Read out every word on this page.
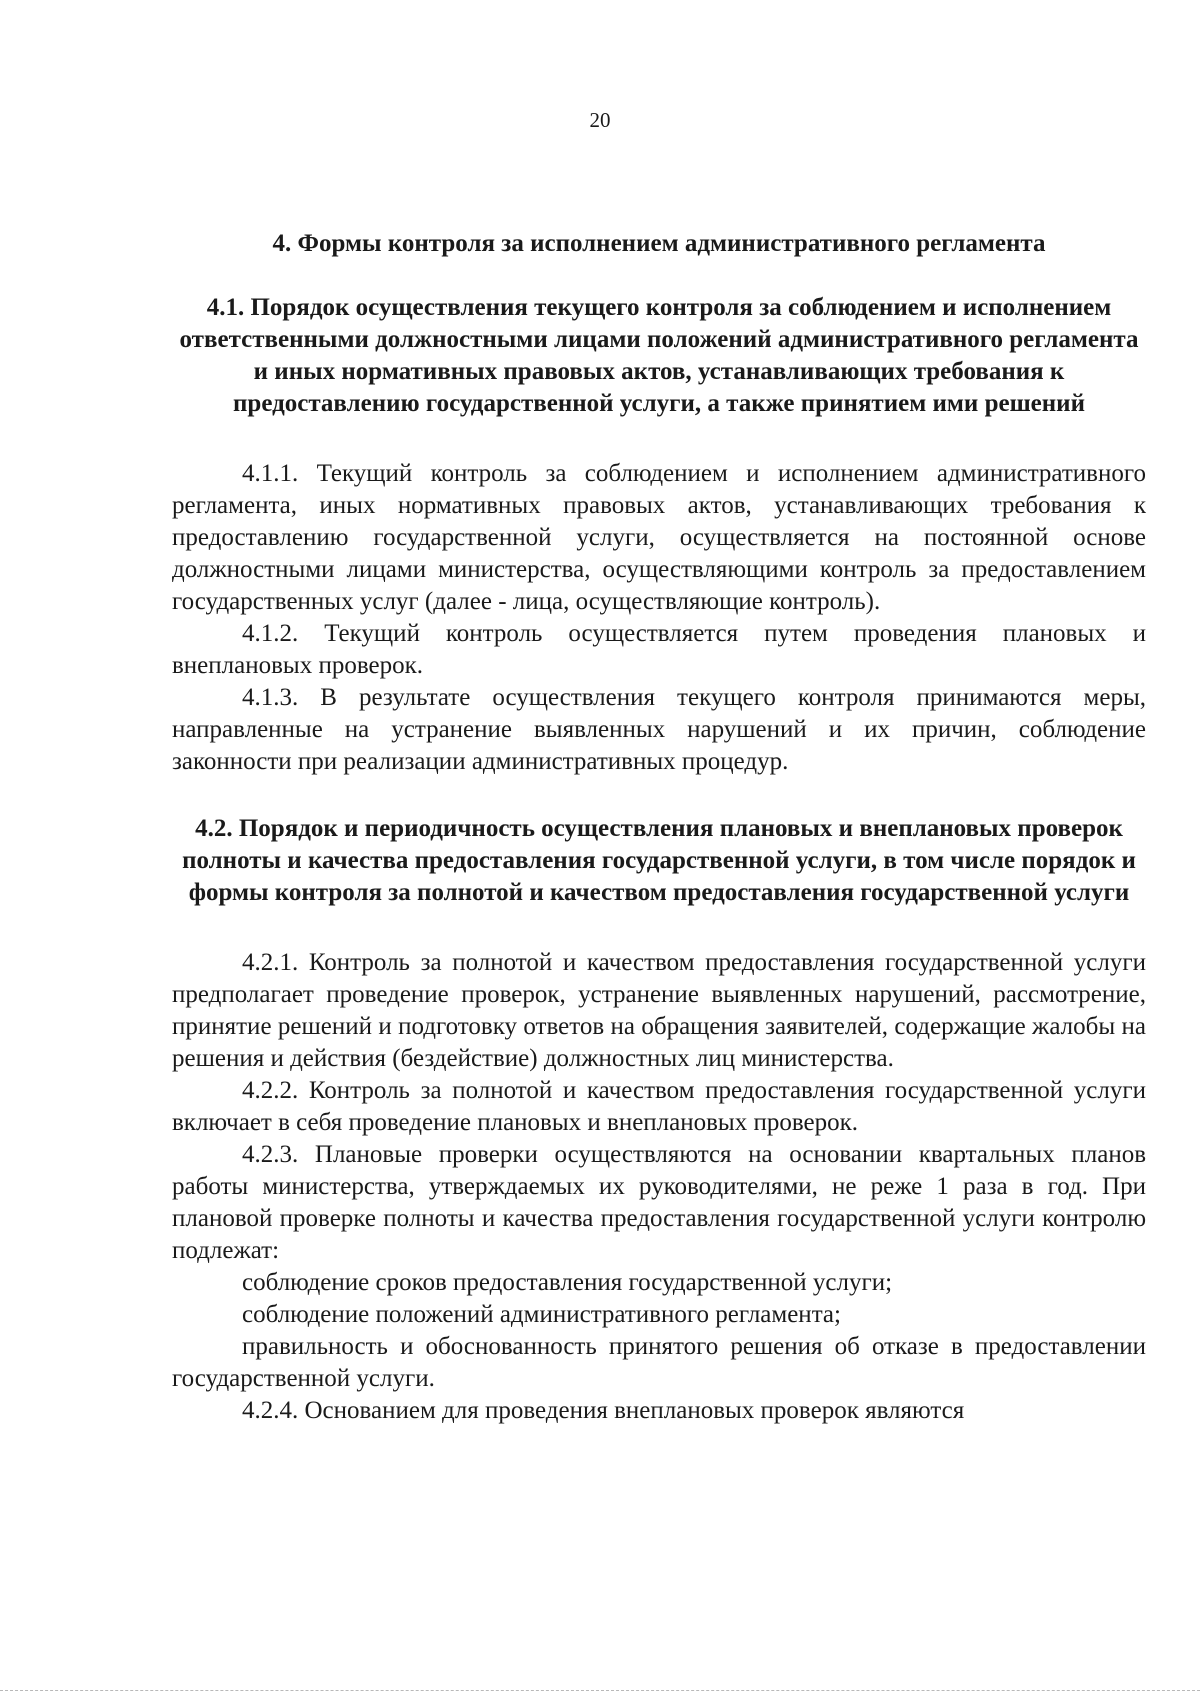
20

4. Формы контроля за исполнением административного регламента

4.1. Порядок осуществления текущего контроля за соблюдением и исполнением ответственными должностными лицами положений административного регламента и иных нормативных правовых актов, устанавливающих требования к предоставлению государственной услуги, а также принятием ими решений

4.1.1. Текущий контроль за соблюдением и исполнением административного регламента, иных нормативных правовых актов, устанавливающих требования к предоставлению государственной услуги, осуществляется на постоянной основе должностными лицами министерства, осуществляющими контроль за предоставлением государственных услуг (далее - лица, осуществляющие контроль).

4.1.2. Текущий контроль осуществляется путем проведения плановых и внеплановых проверок.

4.1.3. В результате осуществления текущего контроля принимаются меры, направленные на устранение выявленных нарушений и их причин, соблюдение законности при реализации административных процедур.

4.2. Порядок и периодичность осуществления плановых и внеплановых проверок полноты и качества предоставления государственной услуги, в том числе порядок и формы контроля за полнотой и качеством предоставления государственной услуги

4.2.1. Контроль за полнотой и качеством предоставления государственной услуги предполагает проведение проверок, устранение выявленных нарушений, рассмотрение, принятие решений и подготовку ответов на обращения заявителей, содержащие жалобы на решения и действия (бездействие) должностных лиц министерства.

4.2.2. Контроль за полнотой и качеством предоставления государственной услуги включает в себя проведение плановых и внеплановых проверок.

4.2.3. Плановые проверки осуществляются на основании квартальных планов работы министерства, утверждаемых их руководителями, не реже 1 раза в год. При плановой проверке полноты и качества предоставления государственной услуги контролю подлежат:

соблюдение сроков предоставления государственной услуги;

соблюдение положений административного регламента;

правильность и обоснованность принятого решения об отказе в предоставлении государственной услуги.

4.2.4. Основанием для проведения внеплановых проверок являются
